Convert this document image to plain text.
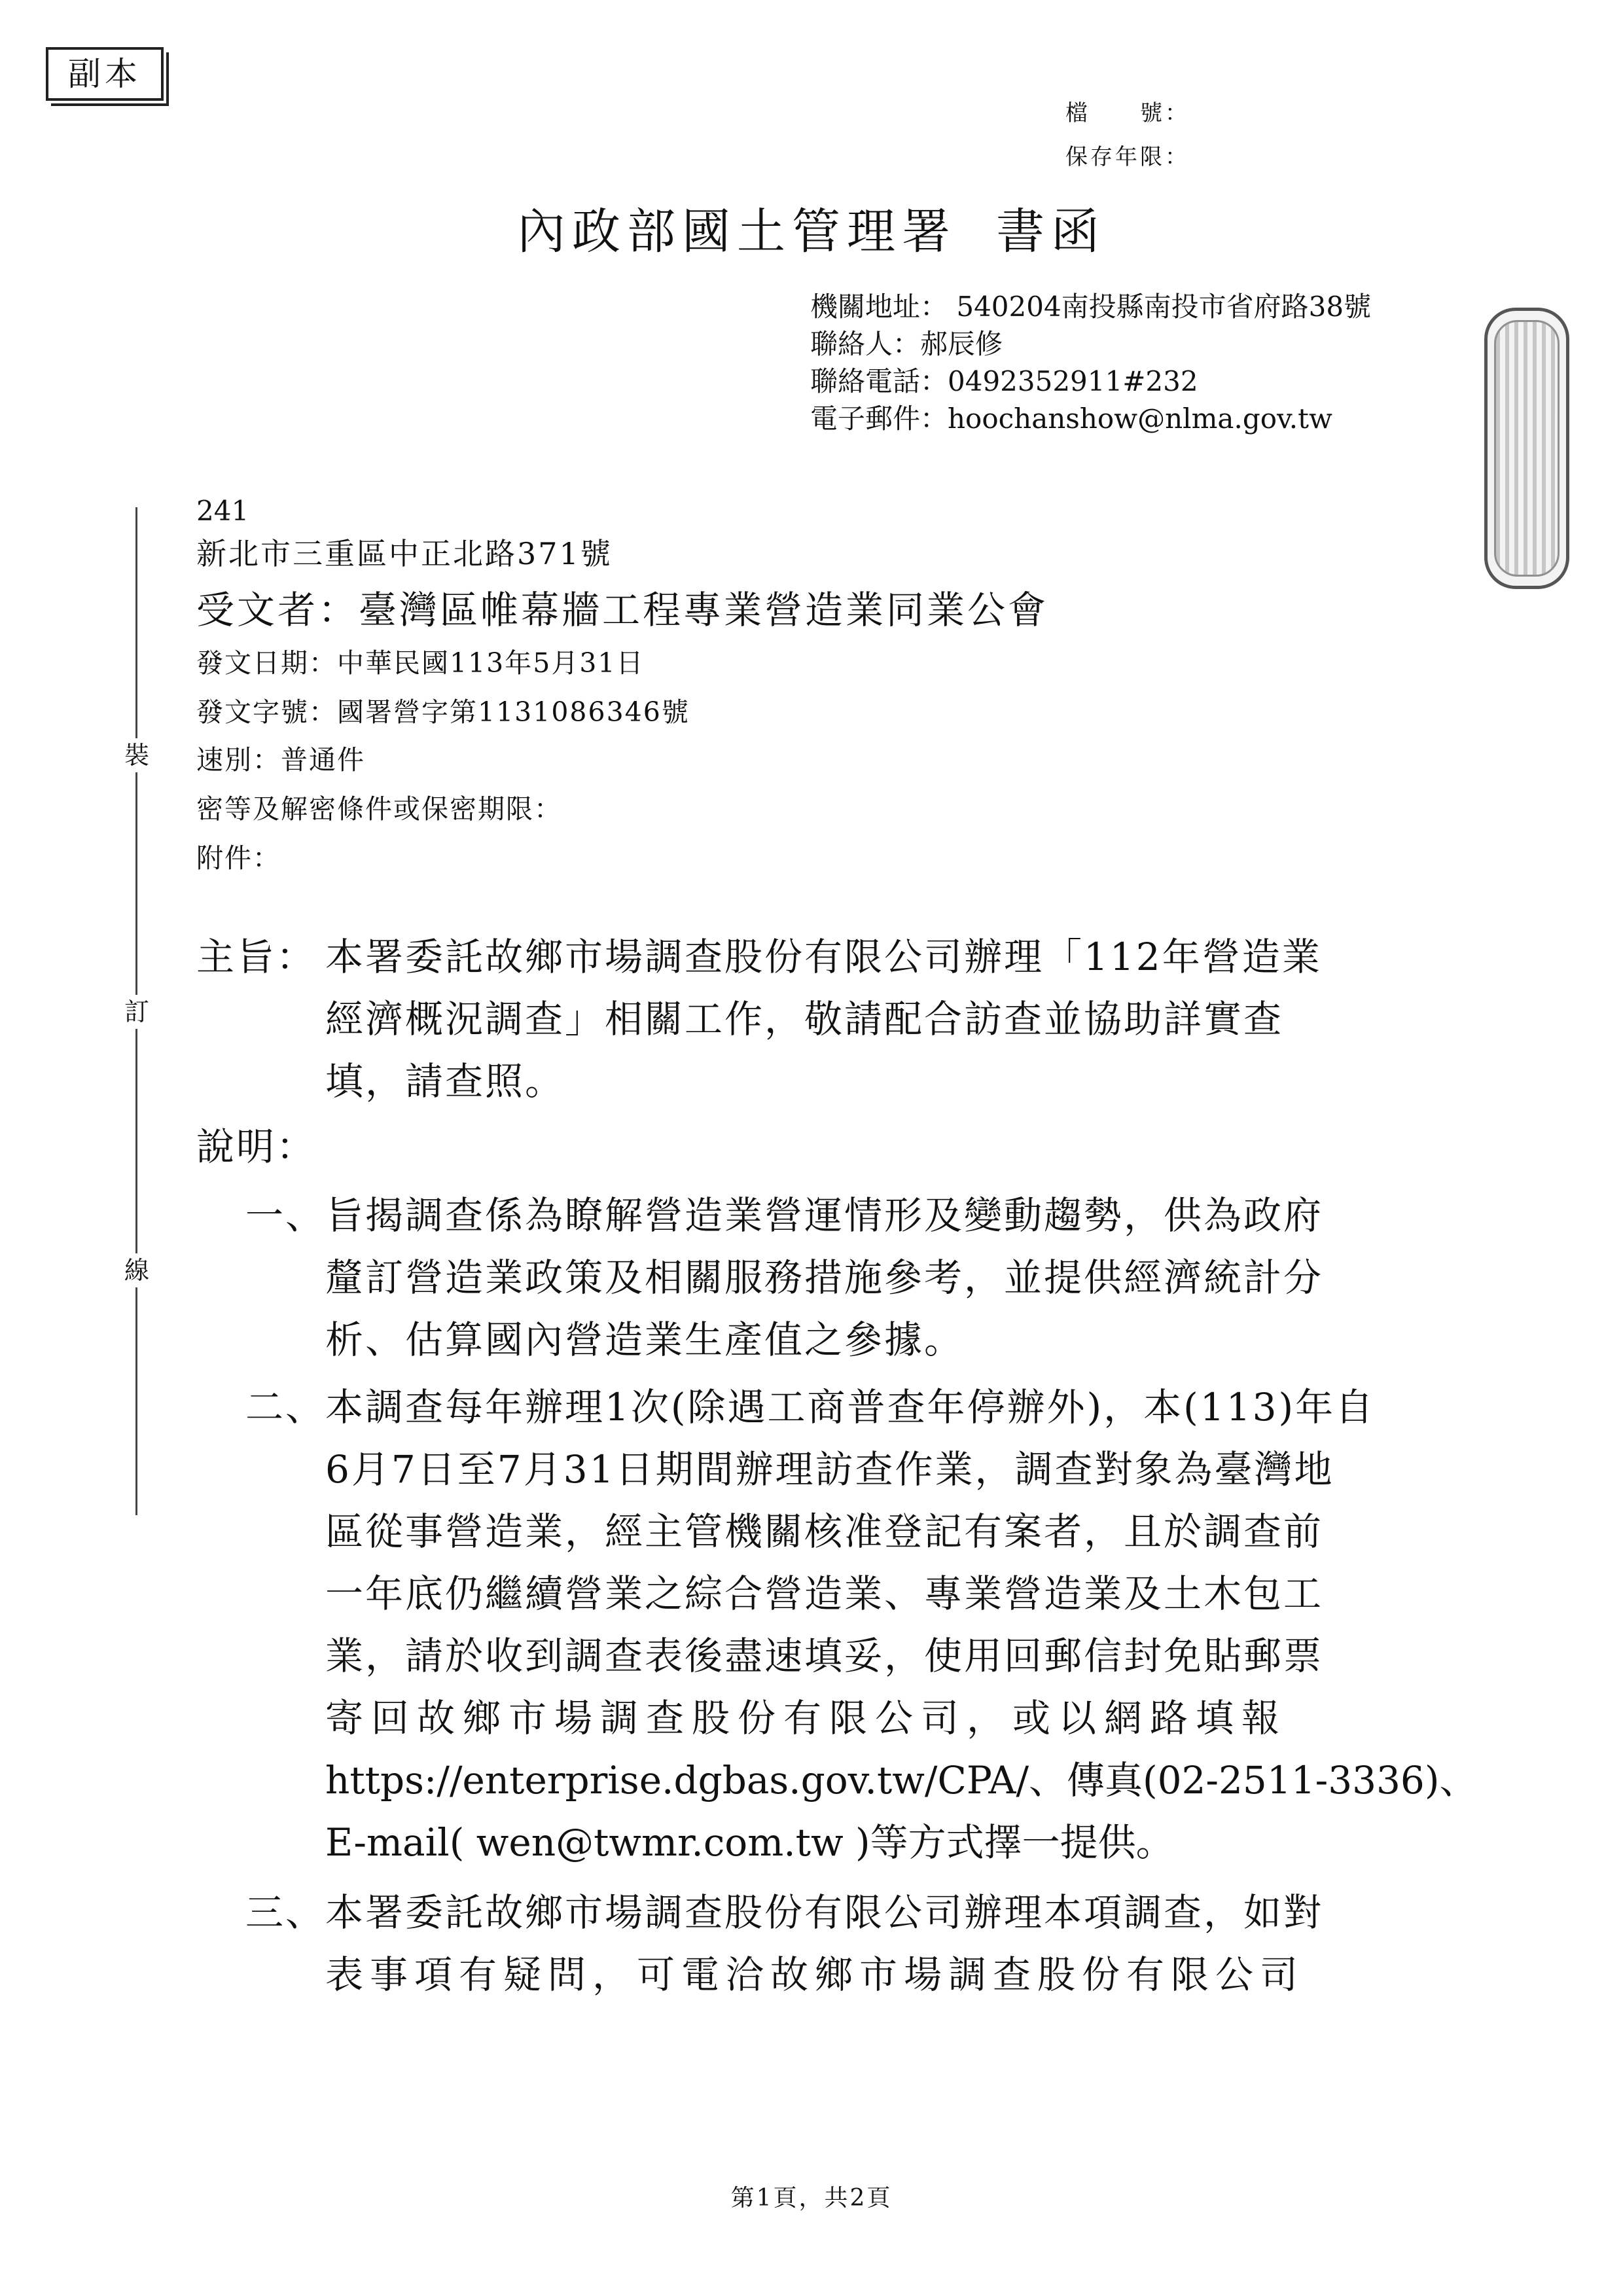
副本
檔　　號：
保存年限：
內政部國土管理署 書函
機關地址： 540204南投縣南投市省府路38號
聯絡人：郝辰修
聯絡電話：0492352911#232
電子郵件：hoochanshow@nlma.gov.tw
裝
訂
線
241
新北市三重區中正北路371號
受文者：臺灣區帷幕牆工程專業營造業同業公會
發文日期：中華民國113年5月31日
發文字號：國署營字第1131086346號
速別：普通件
密等及解密條件或保密期限：
附件：
主旨： 本署委託故鄉市場調查股份有限公司辦理「112年營造業
經濟概況調查」相關工作，敬請配合訪查並協助詳實查
填，請查照。
說明：
一、 旨揭調查係為瞭解營造業營運情形及變動趨勢，供為政府
釐訂營造業政策及相關服務措施參考，並提供經濟統計分
析、估算國內營造業生產值之參據。
二、 本調查每年辦理1次(除遇工商普查年停辦外)，本(113)年自
6月7日至7月31日期間辦理訪查作業，調查對象為臺灣地
區從事營造業，經主管機關核准登記有案者，且於調查前
一年底仍繼續營業之綜合營造業、專業營造業及土木包工
業，請於收到調查表後盡速填妥，使用回郵信封免貼郵票
寄回故鄉市場調查股份有限公司，或以網路填報
https://enterprise.dgbas.gov.tw/CPA/、傳真(02-2511-3336)、
E-mail( wen@twmr.com.tw )等方式擇一提供。
三、 本署委託故鄉市場調查股份有限公司辦理本項調查，如對
表事項有疑問，可電洽故鄉市場調查股份有限公司
第1頁，共2頁
